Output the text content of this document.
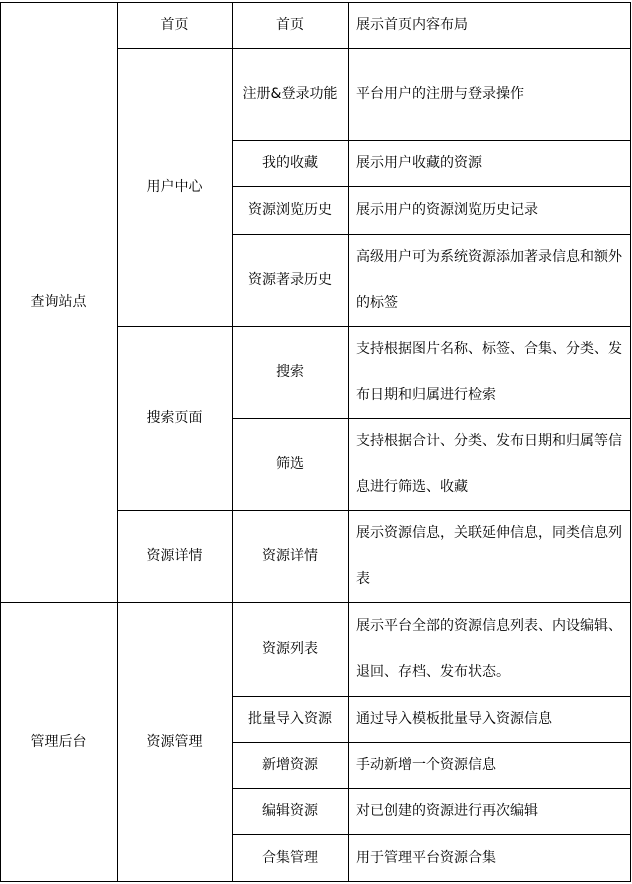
查询站点
管理后台
首页
用户中心
搜索页面
资源详情
资源管理
首页
注册&登录功能
我的收藏
资源浏览历史
资源著录历史
搜索
筛选
资源详情
资源列表
批量导入资源
新增资源
编辑资源
合集管理
展示首页内容布局
平台用户的注册与登录操作
展示用户收藏的资源
展示用户的资源浏览历史记录
高级用户可为系统资源添加著录信息和额外的标签
支持根据图片名称、标签、合集、分类、发布日期和归属进行检索
支持根据合计、分类、发布日期和归属等信息进行筛选、收藏
展示资源信息，关联延伸信息，同类信息列表
展示平台全部的资源信息列表、内设编辑、退回、存档、发布状态。
通过导入模板批量导入资源信息
手动新增一个资源信息
对已创建的资源进行再次编辑
用于管理平台资源合集
